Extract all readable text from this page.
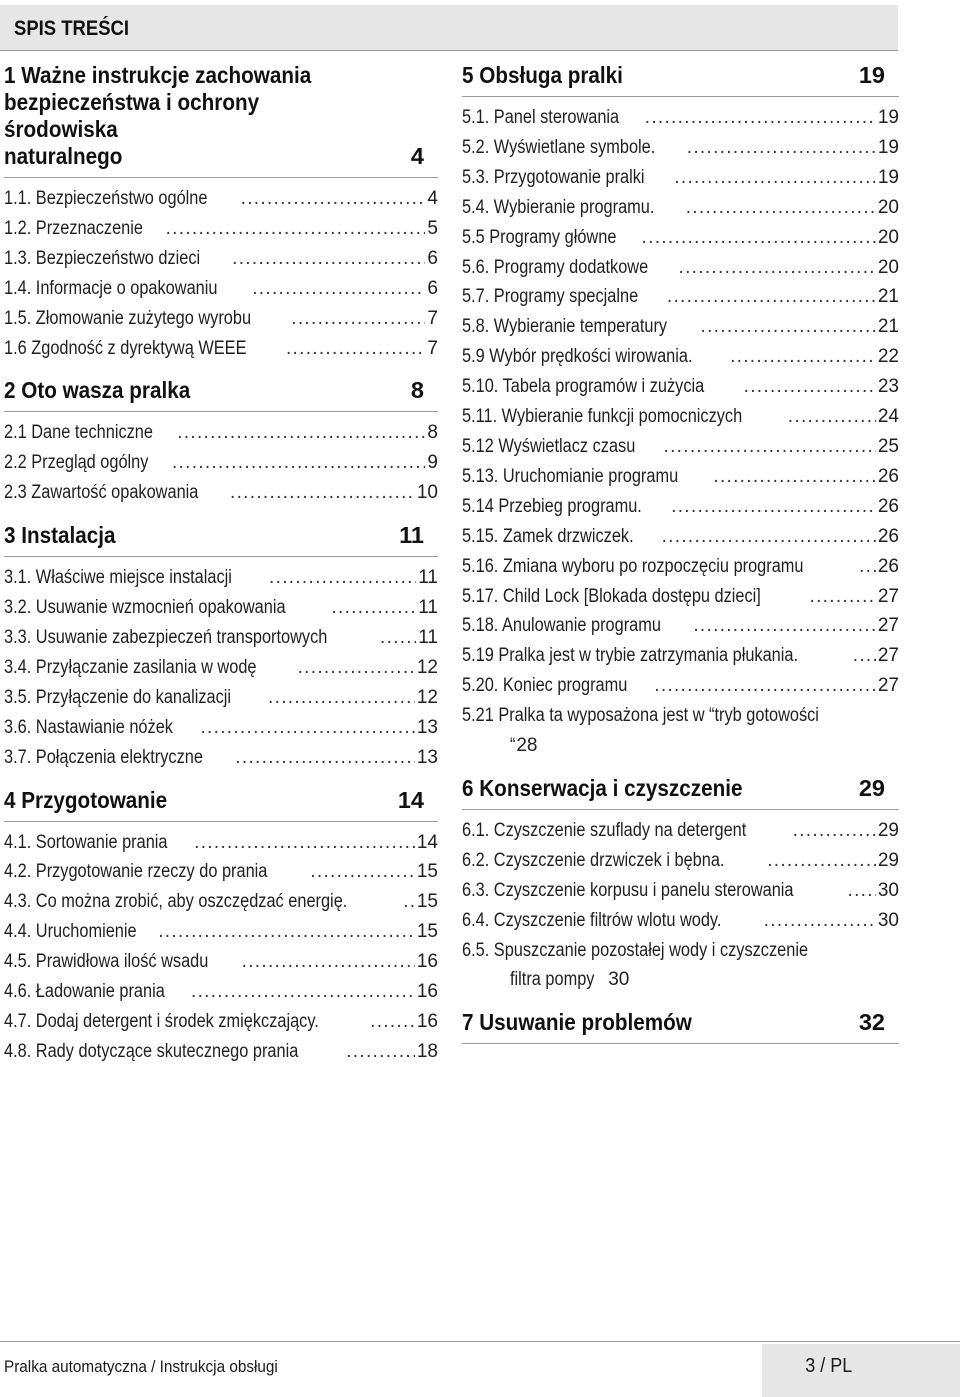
SPIS TREŚCI
1 Ważne instrukcje zachowania
bezpieczeństwa i ochrony środowiska
naturalnego	4
1.1. Bezpieczeństwo ogólne .....	4
1.2. Przeznaczenie .....	5
1.3. Bezpieczeństwo dzieci .....	6
1.4. Informacje o opakowaniu .....	6
1.5. Złomowanie zużytego wyrobu .....	7
1.6 Zgodność z dyrektywą WEEE .....	7
2 Oto wasza pralka	8
2.1 Dane techniczne .....	8
2.2 Przegląd ogólny .....	9
2.3 Zawartość opakowania .....	10
3 Instalacja	11
3.1. Właściwe miejsce instalacji .....	11
3.2. Usuwanie wzmocnień opakowania .....	11
3.3. Usuwanie zabezpieczeń transportowych .....	11
3.4. Przyłączanie zasilania w wodę .....	12
3.5. Przyłączenie do kanalizacji .....	12
3.6. Nastawianie nóżek .....	13
3.7. Połączenia elektryczne .....	13
4 Przygotowanie	14
4.1. Sortowanie prania .....	14
4.2. Przygotowanie rzeczy do prania .....	15
4.3. Co można zrobić, aby oszczędzać energię. .....	15
4.4. Uruchomienie .....	15
4.5. Prawidłowa ilość wsadu .....	16
4.6. Ładowanie prania .....	16
4.7. Dodaj detergent i środek zmiękczający. .....	16
4.8. Rady dotyczące skutecznego prania .....	18
5 Obsługa pralki	19
5.1. Panel sterowania .....	19
5.2. Wyświetlane symbole. .....	19
5.3. Przygotowanie pralki .....	19
5.4. Wybieranie programu. .....	20
5.5 Programy główne .....	20
5.6. Programy dodatkowe .....	20
5.7. Programy specjalne .....	21
5.8. Wybieranie temperatury .....	21
5.9 Wybór prędkości wirowania. .....	22
5.10. Tabela programów i zużycia .....	23
5.11. Wybieranie funkcji pomocniczych .....	24
5.12 Wyświetlacz czasu .....	25
5.13. Uruchomianie programu .....	26
5.14 Przebieg programu. .....	26
5.15. Zamek drzwiczek. .....	26
5.16. Zmiana wyboru po rozpoczęciu programu .....	26
5.17. Child Lock [Blokada dostępu dzieci] .....	27
5.18. Anulowanie programu .....	27
5.19 Pralka jest w trybie zatrzymania płukania. .....	27
5.20. Koniec programu .....	27
5.21 Pralka ta wyposażona jest w “tryb gotowości
“ 28
6 Konserwacja i czyszczenie	29
6.1. Czyszczenie szuflady na detergent .....	29
6.2. Czyszczenie drzwiczek i bębna. .....	29
6.3. Czyszczenie korpusu i panelu sterowania .....	30
6.4. Czyszczenie filtrów wlotu wody. .....	30
6.5. Spuszczanie pozostałej wody i czyszczenie
filtra pompy 30
7 Usuwanie problemów	32
Pralka automatyczna / Instrukcja obsługi	3 / PL
